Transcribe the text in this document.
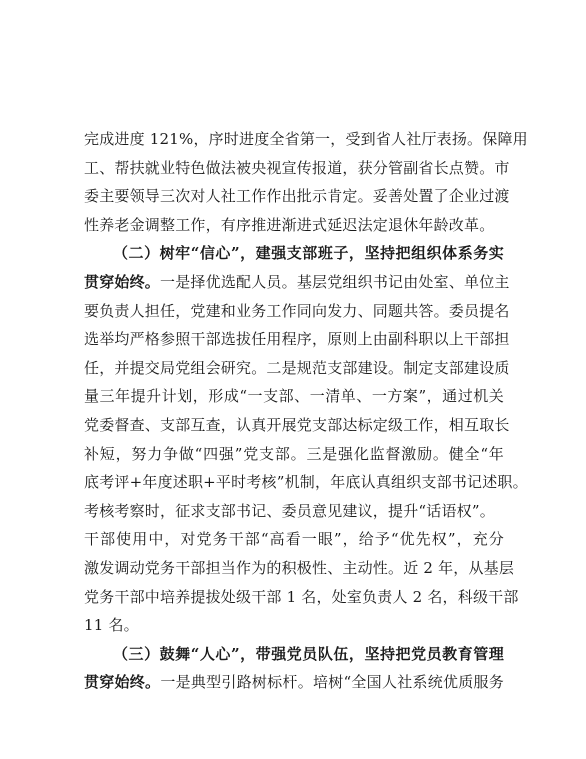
完成进度 121%，序时进度全省第一，受到省人社厅表扬。保障用
工、帮扶就业特色做法被央视宣传报道，获分管副省长点赞。市
委主要领导三次对人社工作作出批示肯定。妥善处置了企业过渡
性养老金调整工作，有序推进渐进式延迟法定退休年龄改革。
（二）树牢“信心”，建强支部班子，坚持把组织体系务实
贯穿始终。一是择优选配人员。基层党组织书记由处室、单位主
要负责人担任，党建和业务工作同向发力、同题共答。委员提名
选举均严格参照干部选拔任用程序，原则上由副科职以上干部担
任，并提交局党组会研究。二是规范支部建设。制定支部建设质
量三年提升计划，形成“一支部、一清单、一方案”，通过机关
党委督查、支部互查，认真开展党支部达标定级工作，相互取长
补短，努力争做“四强”党支部。三是强化监督激励。健全“年
底考评+年度述职+平时考核”机制，年底认真组织支部书记述职。
考核考察时，征求支部书记、委员意见建议，提升“话语权”。
干部使用中，对党务干部“高看一眼”，给予“优先权”，充分
激发调动党务干部担当作为的积极性、主动性。近 2 年，从基层
党务干部中培养提拔处级干部 1 名，处室负责人 2 名，科级干部
11 名。
（三）鼓舞“人心”，带强党员队伍，坚持把党员教育管理
贯穿始终。一是典型引路树标杆。培树“全国人社系统优质服务
